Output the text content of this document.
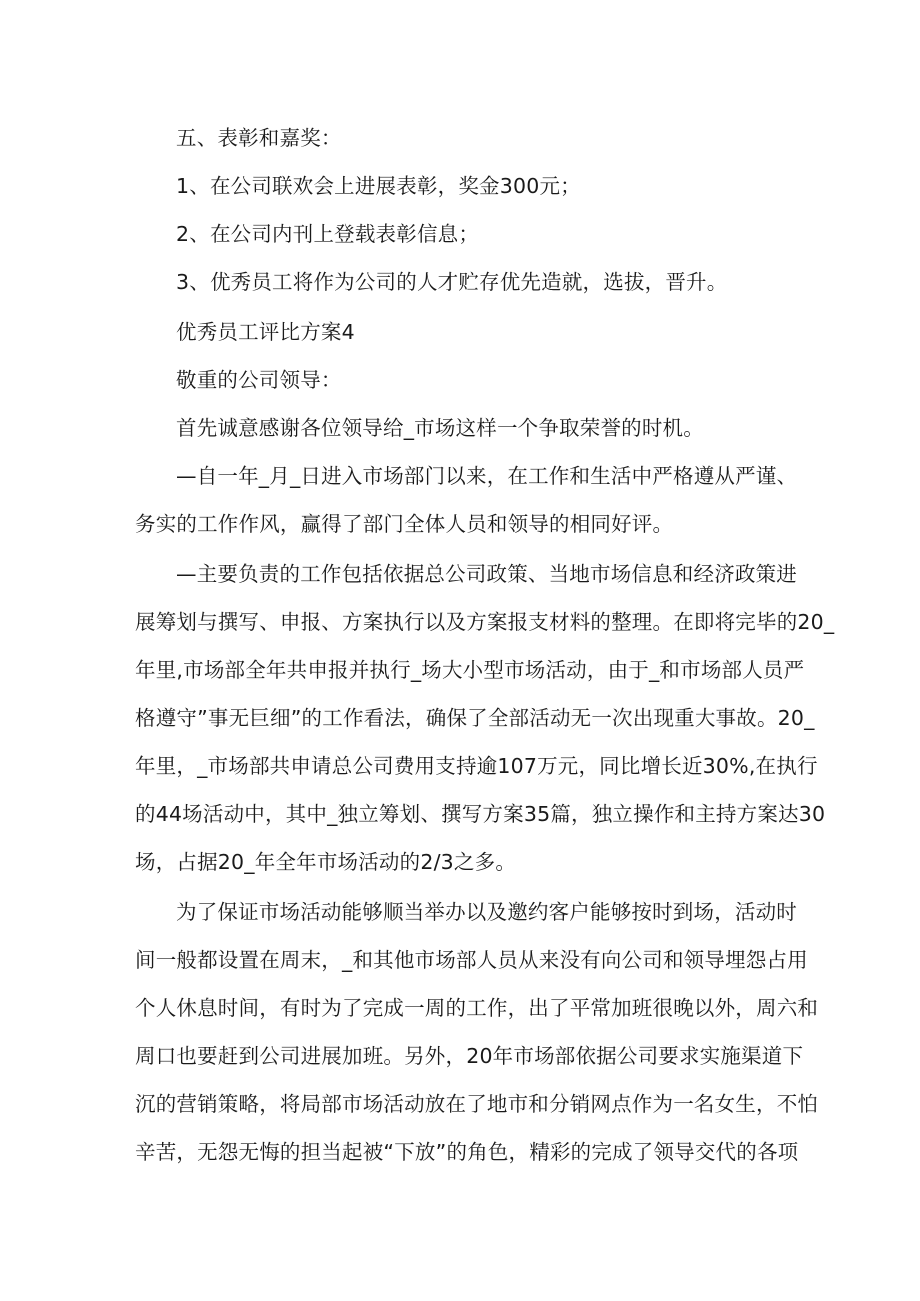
五、表彰和嘉奖：
1、在公司联欢会上进展表彰，奖金300元；
2、在公司内刊上登载表彰信息；
3、优秀员工将作为公司的人才贮存优先造就，选拔，晋升。
优秀员工评比方案4
敬重的公司领导：
首先诚意感谢各位领导给_市场这样一个争取荣誉的时机。
—自一年_月_日进入市场部门以来，在工作和生活中严格遵从严谨、
务实的工作作风，赢得了部门全体人员和领导的相同好评。
—主要负责的工作包括依据总公司政策、当地市场信息和经济政策进
展筹划与撰写、申报、方案执行以及方案报支材料的整理。在即将完毕的20_
年里,市场部全年共申报并执行_场大小型市场活动，由于_和市场部人员严
格遵守”事无巨细”的工作看法，确保了全部活动无一次出现重大事故。20_
年里，_市场部共申请总公司费用支持逾107万元，同比增长近30%,在执行
的44场活动中，其中_独立筹划、撰写方案35篇，独立操作和主持方案达30
场，占据20_年全年市场活动的2/3之多。
为了保证市场活动能够顺当举办以及邀约客户能够按时到场，活动时
间一般都设置在周末，_和其他市场部人员从来没有向公司和领导埋怨占用
个人休息时间，有时为了完成一周的工作，出了平常加班很晚以外，周六和
周口也要赶到公司进展加班。另外，20年市场部依据公司要求实施渠道下
沉的营销策略，将局部市场活动放在了地市和分销网点作为一名女生，不怕
辛苦，无怨无悔的担当起被“下放”的角色，精彩的完成了领导交代的各项
